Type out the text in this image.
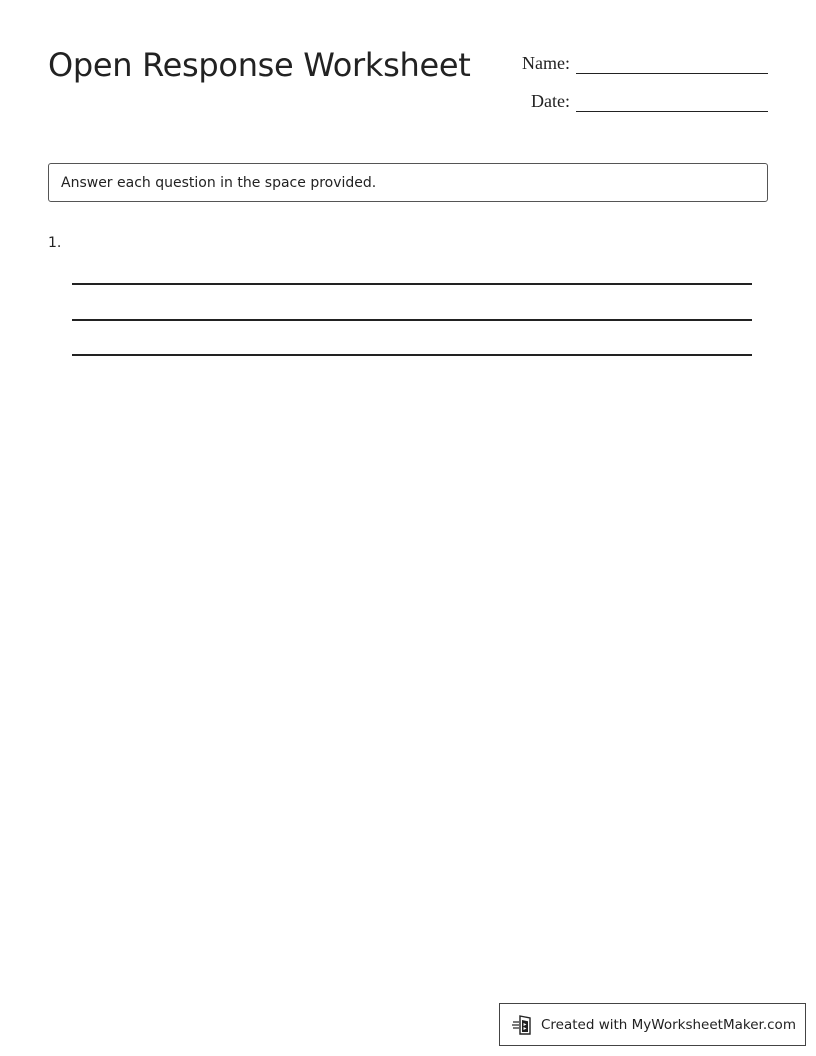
Open Response Worksheet	Name:
Date:
Answer each question in the space provided.
1.
Created with MyWorksheetMaker.com
